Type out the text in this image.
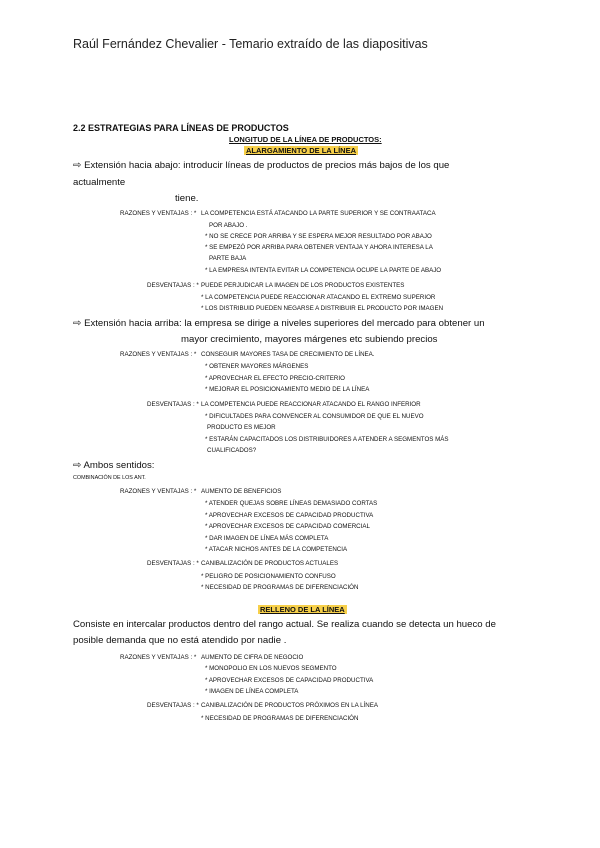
Raúl Fernández Chevalier - Temario extraído de las diapositivas
2.2 ESTRATEGIAS PARA LÍNEAS DE PRODUCTOS
LONGITUD DE LA LÍNEA DE PRODUCTOS:
ALARGAMIENTO DE LA LÍNEA
⇨ Extensión hacia abajo: introducir líneas de productos de precios más bajos de los que
actualmente
tiene.
RAZONES Y VENTAJAS : * LA COMPETENCIA ESTÁ ATACANDO LA PARTE SUPERIOR Y SE CONTRAATACA
POR ABAJO .
* NO SE CRECE POR ARRIBA Y SE ESPERA MEJOR RESULTADO POR ABAJO
* SE EMPEZÓ POR ARRIBA PARA OBTENER VENTAJA Y AHORA INTERESA LA
PARTE BAJA
* LA EMPRESA INTENTA EVITAR LA COMPETENCIA OCUPE LA PARTE DE ABAJO
DESVENTAJAS : * PUEDE PERJUDICAR LA IMAGEN DE LOS PRODUCTOS EXISTENTES
* LA COMPETENCIA PUEDE REACCIONAR ATACANDO EL EXTREMO SUPERIOR
* LOS DISTRIBUID PUEDEN NEGARSE A DISTRIBUIR EL PRODUCTO POR IMAGEN
⇨ Extensión hacia arriba: la empresa se dirige a niveles superiores del mercado para obtener un
mayor crecimiento, mayores márgenes etc subiendo precios
RAZONES Y VENTAJAS : * CONSEGUIR MAYORES TASA DE CRECIMIENTO DE LÍNEA.
* OBTENER MAYORES MÁRGENES
* APROVECHAR EL EFECTO PRECIO-CRITERIO
* MEJORAR EL POSICIONAMIENTO MEDIO DE LA LÍNEA
DESVENTAJAS : * LA COMPETENCIA PUEDE REACCIONAR ATACANDO EL RANGO INFERIOR
* DIFICULTADES PARA CONVENCER AL CONSUMIDOR DE QUE EL NUEVO
PRODUCTO ES MEJOR
* ESTARÁN CAPACITADOS LOS DISTRIBUIDORES A ATENDER A SEGMENTOS MÁS
CUALIFICADOS?
⇨ Ambos sentidos:
COMBINACIÓN DE LOS ANT.
RAZONES Y VENTAJAS : * AUMENTO DE BENEFICIOS
* ATENDER QUEJAS SOBRE LÍNEAS DEMASIADO CORTAS
* APROVECHAR EXCESOS DE CAPACIDAD PRODUCTIVA
* APROVECHAR EXCESOS DE CAPACIDAD COMERCIAL
* DAR IMAGEN DE LÍNEA MÁS COMPLETA
* ATACAR NICHOS ANTES DE LA COMPETENCIA
DESVENTAJAS : * CANIBALIZACIÓN DE PRODUCTOS ACTUALES
* PELIGRO DE POSICIONAMIENTO CONFUSO
* NECESIDAD DE PROGRAMAS DE DIFERENCIACIÓN
RELLENO DE LA LÍNEA
Consiste en intercalar productos dentro del rango actual. Se realiza cuando se detecta un hueco de
posible demanda que no está atendido por nadie .
RAZONES Y VENTAJAS : * AUMENTO DE CIFRA DE NEGOCIO
* MONOPOLIO EN LOS NUEVOS SEGMENTO
* APROVECHAR EXCESOS DE CAPACIDAD PRODUCTIVA
* IMAGEN DE LÍNEA COMPLETA
DESVENTAJAS : * CANIBALIZACIÓN DE PRODUCTOS PRÓXIMOS EN LA LÍNEA
* NECESIDAD DE PROGRAMAS DE DIFERENCIACIÓN
